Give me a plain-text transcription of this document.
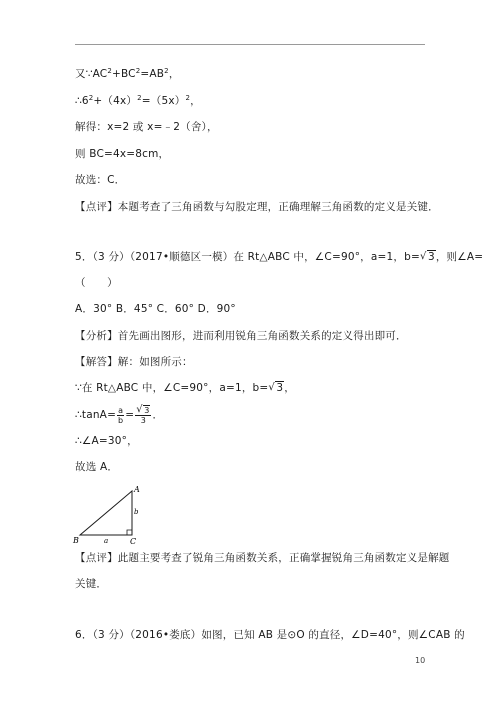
又$\because AC^2+BC^2=AB^2$，
$\therefore 6^2+(4x)^2=(5x)^2$，
解得：x=2 或 x=﹣2（舍），
则 BC=4x=8cm，
故选：C．
【点评】本题考查了三角函数与勾股定理，正确理解三角函数的定义是关键．
5．（3 分）（2017•顺德区一模）在 Rt△ABC 中，∠C=90°，a=1，b= √ 3，则∠A=
（　　）
A．30° B．45° C．60° D．90°
【分析】首先画出图形，进而利用锐角三角函数关系的定义得出即可．
【解答】解：如图所示：
∵在 Rt△ABC 中，∠C=90°，a=1，b= √ 3，
∴tanA= $\frac{a}{b} = \frac{√ 3}{3}$ ．
∴∠A=30°，
故选 A．
A
B	C
a
b
【点评】此题主要考查了锐角三角函数关系，正确掌握锐角三角函数定义是解题
关键．
6．（3 分）（2016•娄底）如图，已知 AB 是⊙O 的直径，∠D=40°，则∠CAB 的
10
